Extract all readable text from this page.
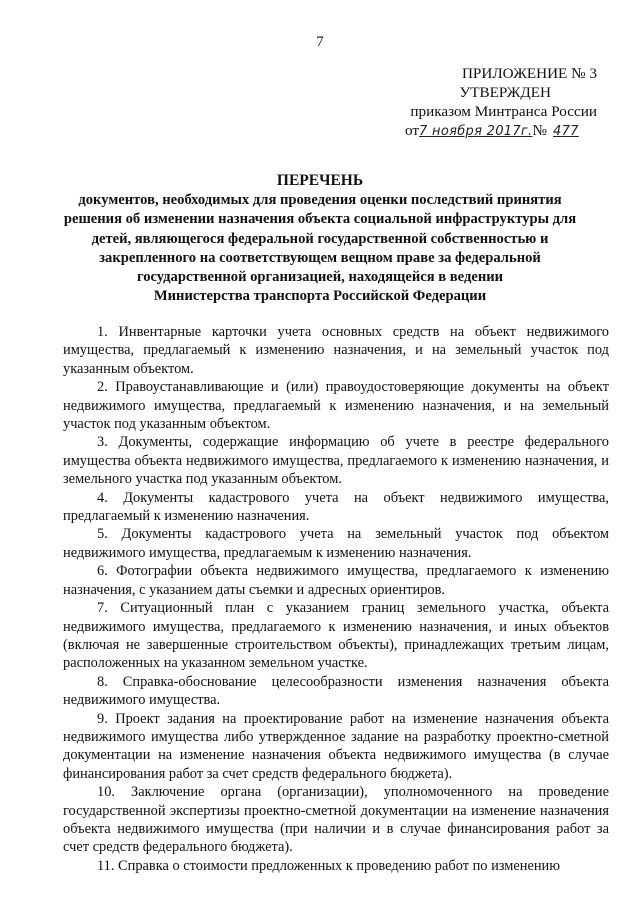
7
ПРИЛОЖЕНИЕ № 3
УТВЕРЖДЕН
приказом Минтранса России
от7 ноября 2017г.№ 477
ПЕРЕЧЕНЬ
документов, необходимых для проведения оценки последствий принятия
решения об изменении назначения объекта социальной инфраструктуры для
детей, являющегося федеральной государственной собственностью и
закрепленного на соответствующем вещном праве за федеральной
государственной организацией, находящейся в ведении
Министерства транспорта Российской Федерации

1. Инвентарные карточки учета основных средств на объект недвижимого имущества, предлагаемый к изменению назначения, и на земельный участок под указанным объектом.

2. Правоустанавливающие и (или) правоудостоверяющие документы на объект недвижимого имущества, предлагаемый к изменению назначения, и на земельный участок под указанным объектом.

3. Документы, содержащие информацию об учете в реестре федерального имущества объекта недвижимого имущества, предлагаемого к изменению назначения, и земельного участка под указанным объектом.

4. Документы кадастрового учета на объект недвижимого имущества, предлагаемый к изменению назначения.

5. Документы кадастрового учета на земельный участок под объектом недвижимого имущества, предлагаемым к изменению назначения.

6. Фотографии объекта недвижимого имущества, предлагаемого к изменению назначения, с указанием даты съемки и адресных ориентиров.

7. Ситуационный план с указанием границ земельного участка, объекта недвижимого имущества, предлагаемого к изменению назначения, и иных объектов (включая не завершенные строительством объекты), принадлежащих третьим лицам, расположенных на указанном земельном участке.

8. Справка-обоснование целесообразности изменения назначения объекта недвижимого имущества.

9. Проект задания на проектирование работ на изменение назначения объекта недвижимого имущества либо утвержденное задание на разработку проектно-сметной документации на изменение назначения объекта недвижимого имущества (в случае финансирования работ за счет средств федерального бюджета).

10. Заключение органа (организации), уполномоченного на проведение государственной экспертизы проектно-сметной документации на изменение назначения объекта недвижимого имущества (при наличии и в случае финансирования работ за счет средств федерального бюджета).

11. Справка о стоимости предложенных к проведению работ по изменению
